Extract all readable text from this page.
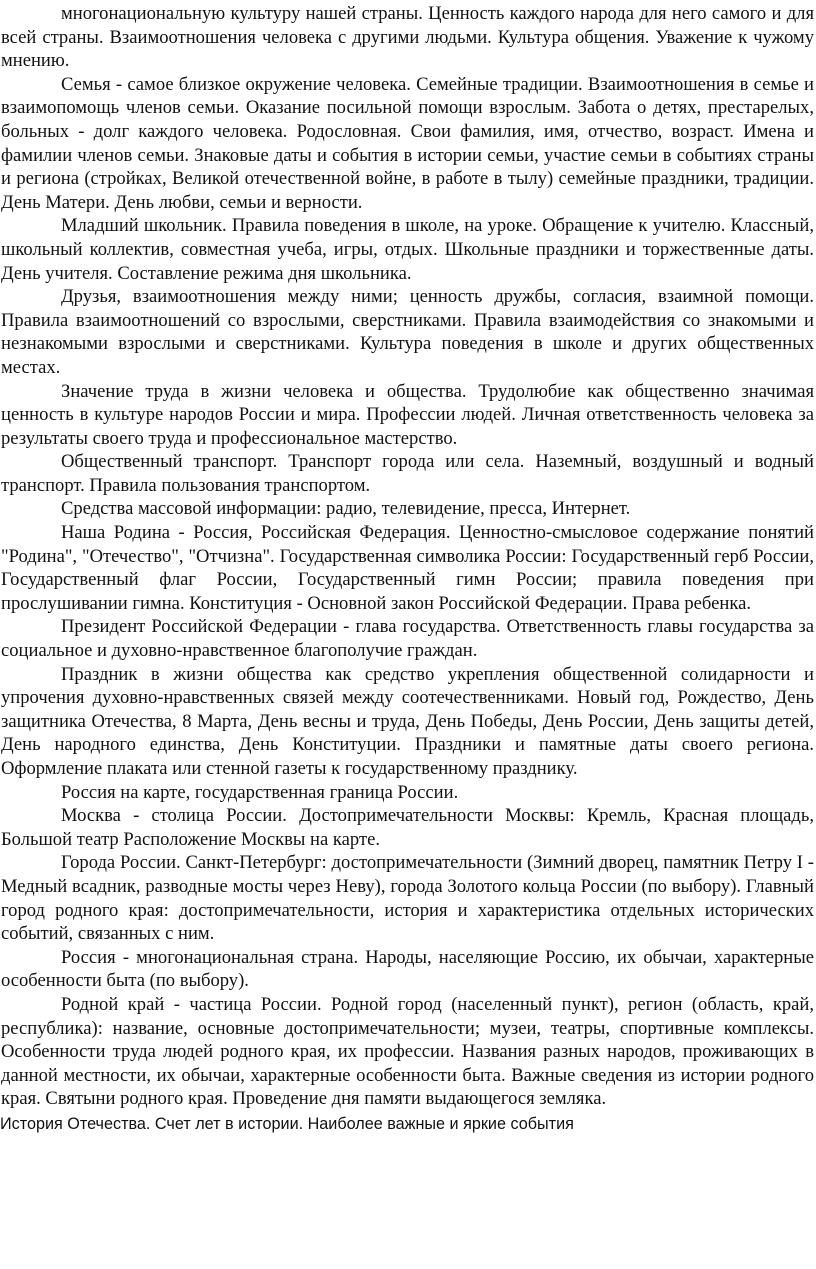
многонациональную культуру нашей страны. Ценность каждого народа для него самого и для всей страны. Взаимоотношения человека с другими людьми. Культура общения. Уважение к чужому мнению.

Семья - самое близкое окружение человека. Семейные традиции. Взаимоотношения в семье и взаимопомощь членов семьи. Оказание посильной помощи взрослым. Забота о детях, престарелых, больных - долг каждого человека. Родословная. Свои фамилия, имя, отчество, возраст. Имена и фамилии членов семьи. Знаковые даты и события в истории семьи, участие семьи в событиях страны и региона (стройках, Великой отечественной войне, в работе в тылу) семейные праздники, традиции. День Матери. День любви, семьи и верности.

Младший школьник. Правила поведения в школе, на уроке. Обращение к учителю. Классный, школьный коллектив, совместная учеба, игры, отдых. Школьные праздники и торжественные даты. День учителя. Составление режима дня школьника.

Друзья, взаимоотношения между ними; ценность дружбы, согласия, взаимной помощи. Правила взаимоотношений со взрослыми, сверстниками. Правила взаимодействия со знакомыми и незнакомыми взрослыми и сверстниками. Культура поведения в школе и других общественных местах.

Значение труда в жизни человека и общества. Трудолюбие как общественно значимая ценность в культуре народов России и мира. Профессии людей. Личная ответственность человека за результаты своего труда и профессиональное мастерство.

Общественный транспорт. Транспорт города или села. Наземный, воздушный и водный транспорт. Правила пользования транспортом.

Средства массовой информации: радио, телевидение, пресса, Интернет.

Наша Родина - Россия, Российская Федерация. Ценностно-смысловое содержание понятий "Родина", "Отечество", "Отчизна". Государственная символика России: Государственный герб России, Государственный флаг России, Государственный гимн России; правила поведения при прослушивании гимна. Конституция - Основной закон Российской Федерации. Права ребенка.

Президент Российской Федерации - глава государства. Ответственность главы государства за социальное и духовно-нравственное благополучие граждан.

Праздник в жизни общества как средство укрепления общественной солидарности и упрочения духовно-нравственных связей между соотечественниками. Новый год, Рождество, День защитника Отечества, 8 Марта, День весны и труда, День Победы, День России, День защиты детей, День народного единства, День Конституции. Праздники и памятные даты своего региона. Оформление плаката или стенной газеты к государственному празднику.

Россия на карте, государственная граница России.

Москва - столица России. Достопримечательности Москвы: Кремль, Красная площадь, Большой театр Расположение Москвы на карте.

Города России. Санкт-Петербург: достопримечательности (Зимний дворец, памятник Петру I - Медный всадник, разводные мосты через Неву), города Золотого кольца России (по выбору). Главный город родного края: достопримечательности, история и характеристика отдельных исторических событий, связанных с ним.

Россия - многонациональная страна. Народы, населяющие Россию, их обычаи, характерные особенности быта (по выбору).

Родной край - частица России. Родной город (населенный пункт), регион (область, край, республика): название, основные достопримечательности; музеи, театры, спортивные комплексы. Особенности труда людей родного края, их профессии. Названия разных народов, проживающих в данной местности, их обычаи, характерные особенности быта. Важные сведения из истории родного края. Святыни родного края. Проведение дня памяти выдающегося земляка.

История Отечества. Счет лет в истории. Наиболее важные и яркие события
